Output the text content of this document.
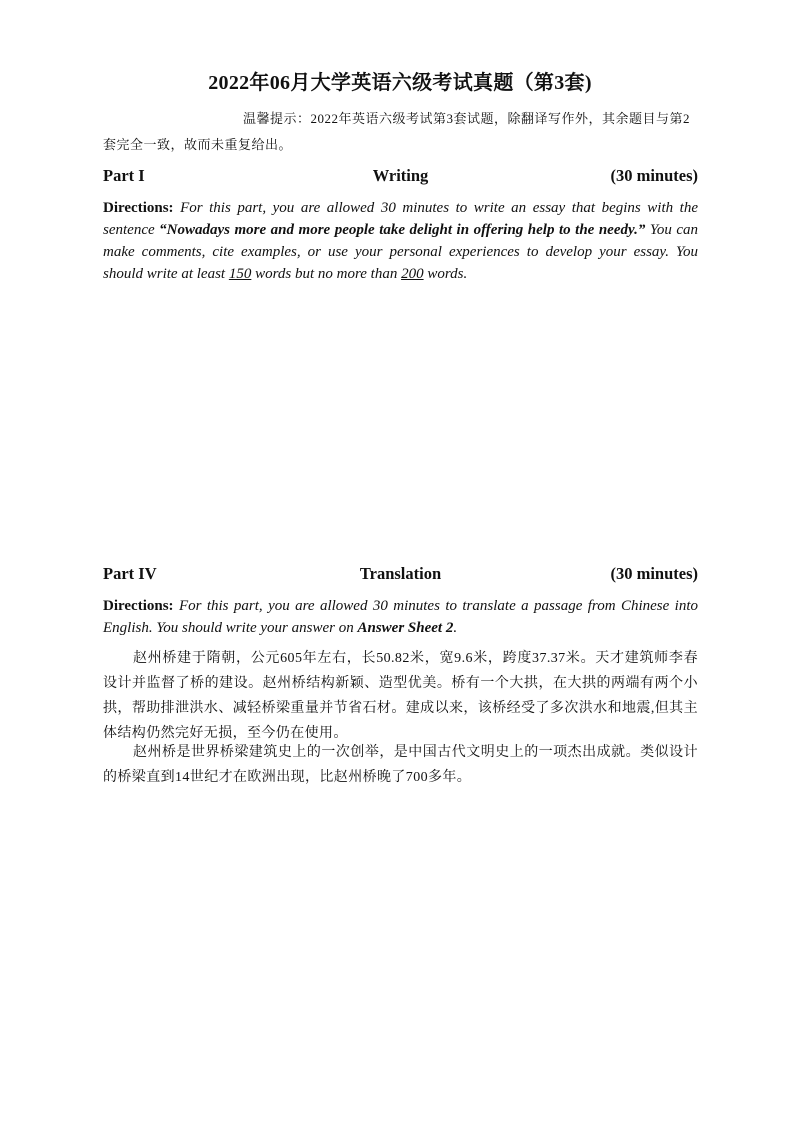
2022年06月大学英语六级考试真题（第3套)
温馨提示：2022年英语六级考试第3套试题，除翻译写作外，其余题目与第2
套完全一致，故而未重复给出。
Part I	Writing	(30 minutes)
Directions: For this part, you are allowed 30 minutes to write an essay that begins with the sentence “Nowadays more and more people take delight in offering help to the needy.” You can make comments, cite examples, or use your personal experiences to develop your essay. You should write at least 150 words but no more than 200 words.
Part IV	Translation	(30 minutes)
Directions: For this part, you are allowed 30 minutes to translate a passage from Chinese into English. You should write your answer on Answer Sheet 2.

赵州桥建于隋朝，公元605年左右，长50.82米，宽9.6米，跨度37.37米。天才建筑师李春设计并监督了桥的建设。赵州桥结构新颖、造型优美。桥有一个大拱，在大拱的两端有两个小拱，帮助排泄洪水、减轻桥梁重量并节省石材。建成以来，该桥经受了多次洪水和地震,但其主体结构仍然完好无损，至今仍在使用。

赵州桥是世界桥梁建筑史上的一次创举，是中国古代文明史上的一项杰出成就。类似设计的桥梁直到14世纪才在欧洲出现，比赵州桥晚了700多年。
